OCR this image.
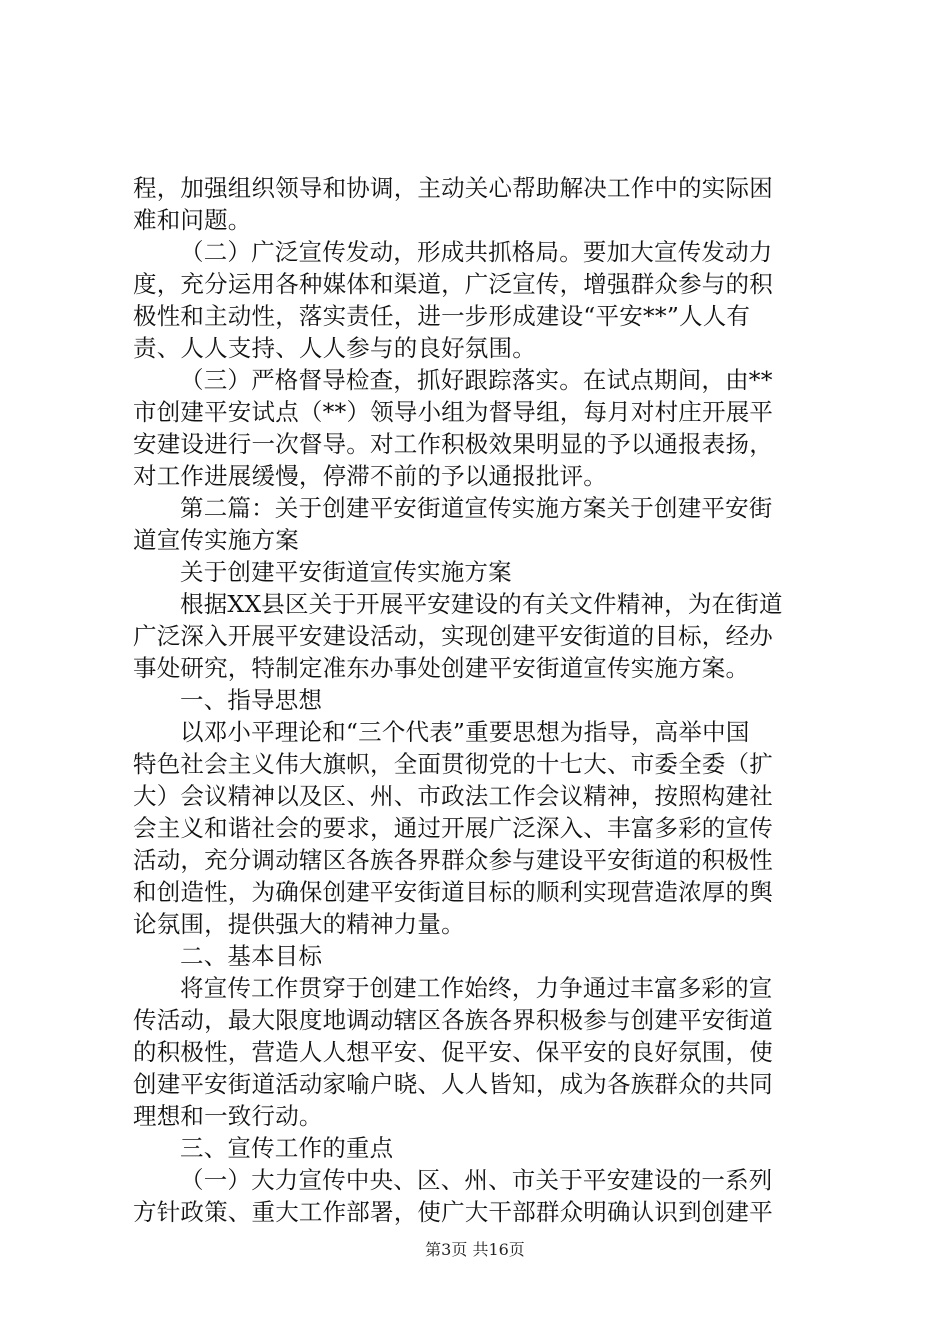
程，加强组织领导和协调，主动关心帮助解决工作中的实际困
难和问题。
（二）广泛宣传发动，形成共抓格局。要加大宣传发动力
度，充分运用各种媒体和渠道，广泛宣传，增强群众参与的积
极性和主动性，落实责任，进一步形成建设“平安**”人人有
责、人人支持、人人参与的良好氛围。
（三）严格督导检查，抓好跟踪落实。在试点期间，由**
市创建平安试点（**）领导小组为督导组，每月对村庄开展平
安建设进行一次督导。对工作积极效果明显的予以通报表扬，
对工作进展缓慢，停滞不前的予以通报批评。
第二篇：关于创建平安街道宣传实施方案关于创建平安街
道宣传实施方案
关于创建平安街道宣传实施方案
根据XX县区关于开展平安建设的有关文件精神，为在街道
广泛深入开展平安建设活动，实现创建平安街道的目标，经办
事处研究，特制定准东办事处创建平安街道宣传实施方案。
一、指导思想
以邓小平理论和“三个代表”重要思想为指导，高举中国
特色社会主义伟大旗帜，全面贯彻党的十七大、市委全委（扩
大）会议精神以及区、州、市政法工作会议精神，按照构建社
会主义和谐社会的要求，通过开展广泛深入、丰富多彩的宣传
活动，充分调动辖区各族各界群众参与建设平安街道的积极性
和创造性，为确保创建平安街道目标的顺利实现营造浓厚的舆
论氛围，提供强大的精神力量。
二、基本目标
将宣传工作贯穿于创建工作始终，力争通过丰富多彩的宣
传活动，最大限度地调动辖区各族各界积极参与创建平安街道
的积极性，营造人人想平安、促平安、保平安的良好氛围，使
创建平安街道活动家喻户晓、人人皆知，成为各族群众的共同
理想和一致行动。
三、宣传工作的重点
（一）大力宣传中央、区、州、市关于平安建设的一系列
方针政策、重大工作部署，使广大干部群众明确认识到创建平
第3页 共16页
